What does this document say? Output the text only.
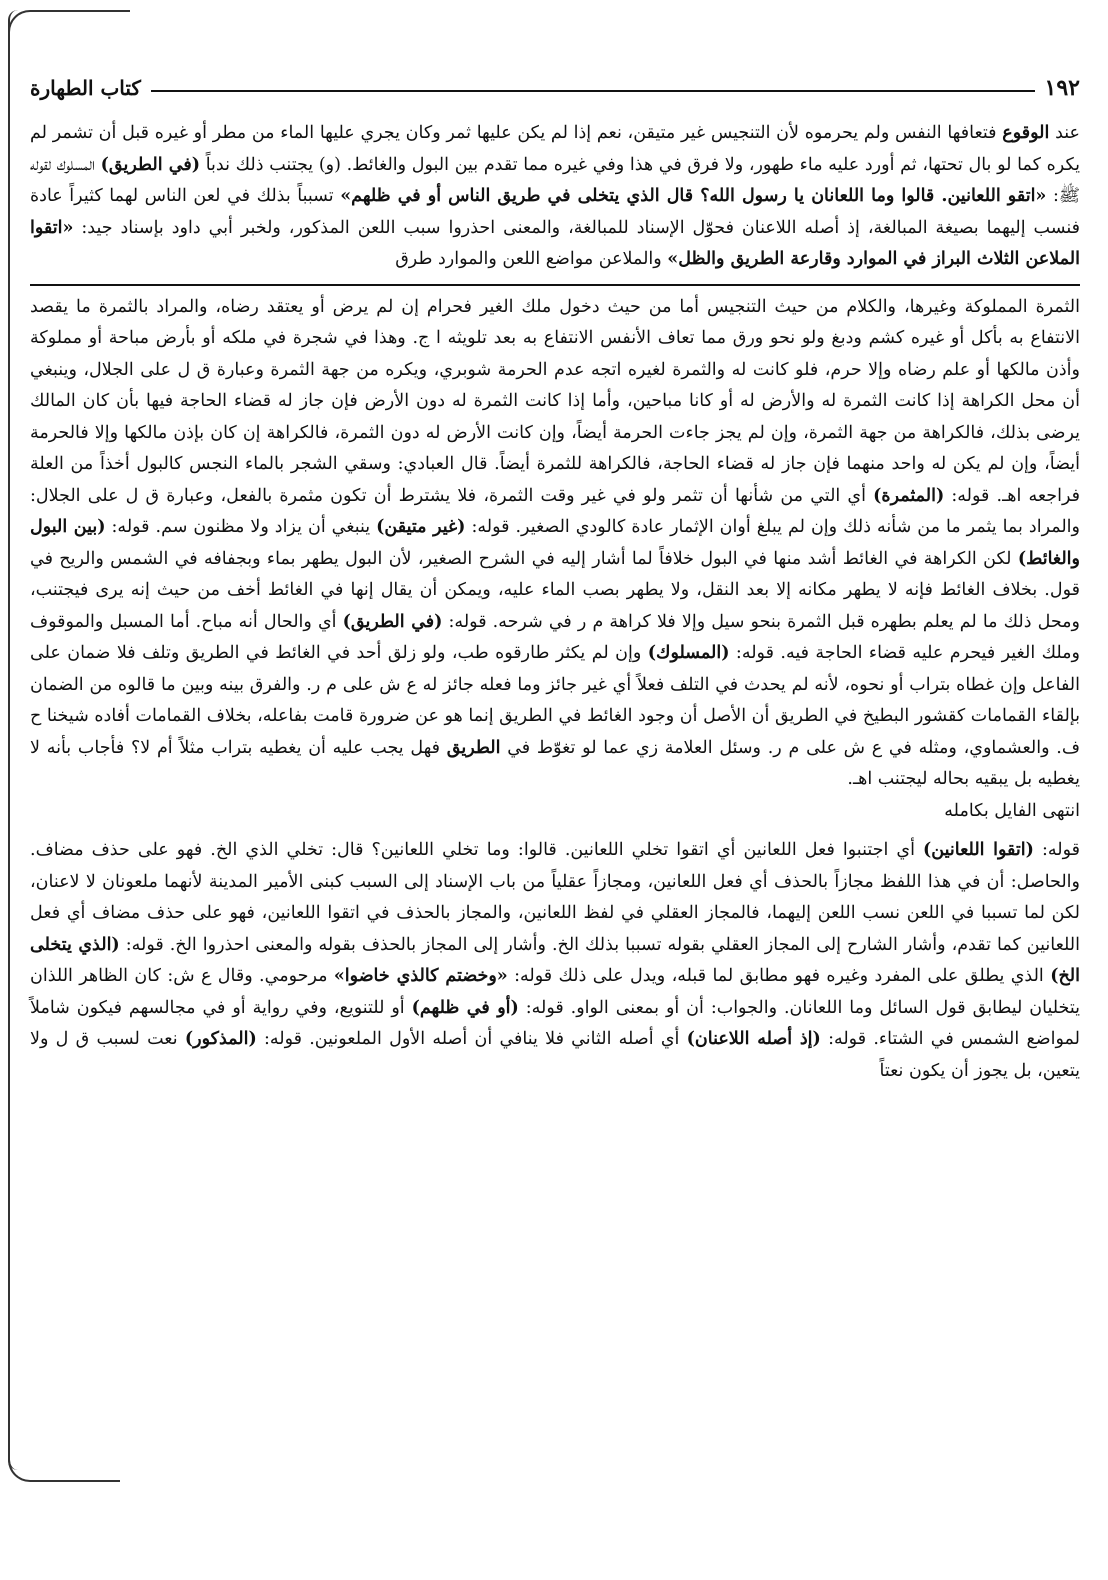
١٩٢
كتاب الطهارة

عند الوقوع فتعافها النفس ولم يحرموه لأن التنجيس غير متيقن، نعم إذا لم يكن عليها ثمر وكان يجري عليها الماء من مطر أو غيره قبل أن تشمر لم يكره كما لو بال تحتها، ثم أورد عليه ماء طهور، ولا فرق في هذا وفي غيره مما تقدم بين البول والغائط. (و) يجتنب ذلك ندباً (في الطريق) المسلوك لقوله ﷺ: «اتقو اللعانين. قالوا وما اللعانان يا رسول الله؟ قال الذي يتخلى في طريق الناس أو في ظلهم» تسبباً بذلك في لعن الناس لهما كثيراً عادة فنسب إليهما بصيغة المبالغة، إذ أصله اللاعنان فحوّل الإسناد للمبالغة، والمعنى احذروا سبب اللعن المذكور، ولخبر أبي داود بإسناد جيد: «اتقوا الملاعن الثلاث البراز في الموارد وقارعة الطريق والظل» والملاعن مواضع اللعن والموارد طرق

الثمرة المملوكة وغيرها، والكلام من حيث التنجيس أما من حيث دخول ملك الغير فحرام إن لم يرض أو يعتقد رضاه، والمراد بالثمرة ما يقصد الانتفاع به بأكل أو غيره كشم ودبغ ولو نحو ورق مما تعاف الأنفس الانتفاع به بعد تلويثه ا ج. وهذا في شجرة في ملكه أو بأرض مباحة أو مملوكة وأذن مالكها أو علم رضاه وإلا حرم، فلو كانت له والثمرة لغيره اتجه عدم الحرمة شوبري، ويكره من جهة الثمرة وعبارة ق ل على الجلال، وينبغي أن محل الكراهة إذا كانت الثمرة له والأرض له أو كانا مباحين، وأما إذا كانت الثمرة له دون الأرض فإن جاز له قضاء الحاجة فيها بأن كان المالك يرضى بذلك، فالكراهة من جهة الثمرة، وإن لم يجز جاءت الحرمة أيضاً، وإن كانت الأرض له دون الثمرة، فالكراهة إن كان بإذن مالكها وإلا فالحرمة أيضاً، وإن لم يكن له واحد منهما فإن جاز له قضاء الحاجة، فالكراهة للثمرة أيضاً. قال العبادي: وسقي الشجر بالماء النجس كالبول أخذاً من العلة فراجعه اهـ. قوله: (المثمرة) أي التي من شأنها أن تثمر ولو في غير وقت الثمرة، فلا يشترط أن تكون مثمرة بالفعل، وعبارة ق ل على الجلال: والمراد بما يثمر ما من شأنه ذلك وإن لم يبلغ أوان الإثمار عادة كالودي الصغير. قوله: (غير متيقن) ينبغي أن يزاد ولا مظنون سم. قوله: (بين البول والغائط) لكن الكراهة في الغائط أشد منها في البول خلافاً لما أشار إليه في الشرح الصغير، لأن البول يطهر بماء وبجفافه في الشمس والريح في قول. بخلاف الغائط فإنه لا يطهر مكانه إلا بعد النقل، ولا يطهر بصب الماء عليه، ويمكن أن يقال إنها في الغائط أخف من حيث إنه يرى فيجتنب، ومحل ذلك ما لم يعلم بطهره قبل الثمرة بنحو سيل وإلا فلا كراهة م ر في شرحه. قوله: (في الطريق) أي والحال أنه مباح. أما المسبل والموقوف وملك الغير فيحرم عليه قضاء الحاجة فيه. قوله: (المسلوك) وإن لم يكثر طارقوه طب، ولو زلق أحد في الغائط في الطريق وتلف فلا ضمان على الفاعل وإن غطاه بتراب أو نحوه، لأنه لم يحدث في التلف فعلاً أي غير جائز وما فعله جائز له ع ش على م ر. والفرق بينه وبين ما قالوه من الضمان بإلقاء القمامات كقشور البطيخ في الطريق أن الأصل أن وجود الغائط في الطريق إنما هو عن ضرورة قامت بفاعله، بخلاف القمامات أفاده شيخنا ح ف. والعشماوي، ومثله في ع ش على م ر. وسئل العلامة زي عما لو تغوّط في الطريق فهل يجب عليه أن يغطيه بتراب مثلاً أم لا؟ فأجاب بأنه لا يغطيه بل يبقيه بحاله ليجتنب اهـ.

انتهى الفايل بكامله

قوله: (اتقوا اللعانين) أي اجتنبوا فعل اللعانين أي اتقوا تخلي اللعانين. قالوا: وما تخلي اللعانين؟ قال: تخلي الذي الخ. فهو على حذف مضاف. والحاصل: أن في هذا اللفظ مجازاً بالحذف أي فعل اللعانين، ومجازاً عقلياً من باب الإسناد إلى السبب كبنى الأمير المدينة لأنهما ملعونان لا لاعنان، لكن لما تسببا في اللعن نسب اللعن إليهما، فالمجاز العقلي في لفظ اللعانين، والمجاز بالحذف في اتقوا اللعانين، فهو على حذف مضاف أي فعل اللعانين كما تقدم، وأشار الشارح إلى المجاز العقلي بقوله تسببا بذلك الخ. وأشار إلى المجاز بالحذف بقوله والمعنى احذروا الخ. قوله: (الذي يتخلى الخ) الذي يطلق على المفرد وغيره فهو مطابق لما قبله، ويدل على ذلك قوله: «وخضتم كالذي خاضوا» مرحومي. وقال ع ش: كان الظاهر اللذان يتخليان ليطابق قول السائل وما اللعانان. والجواب: أن أو بمعنى الواو. قوله: (أو في ظلهم) أو للتنويع، وفي رواية أو في مجالسهم فيكون شاملاً لمواضع الشمس في الشتاء. قوله: (إذ أصله اللاعنان) أي أصله الثاني فلا ينافي أن أصله الأول الملعونين. قوله: (المذكور) نعت لسبب ق ل ولا يتعين، بل يجوز أن يكون نعتاً
